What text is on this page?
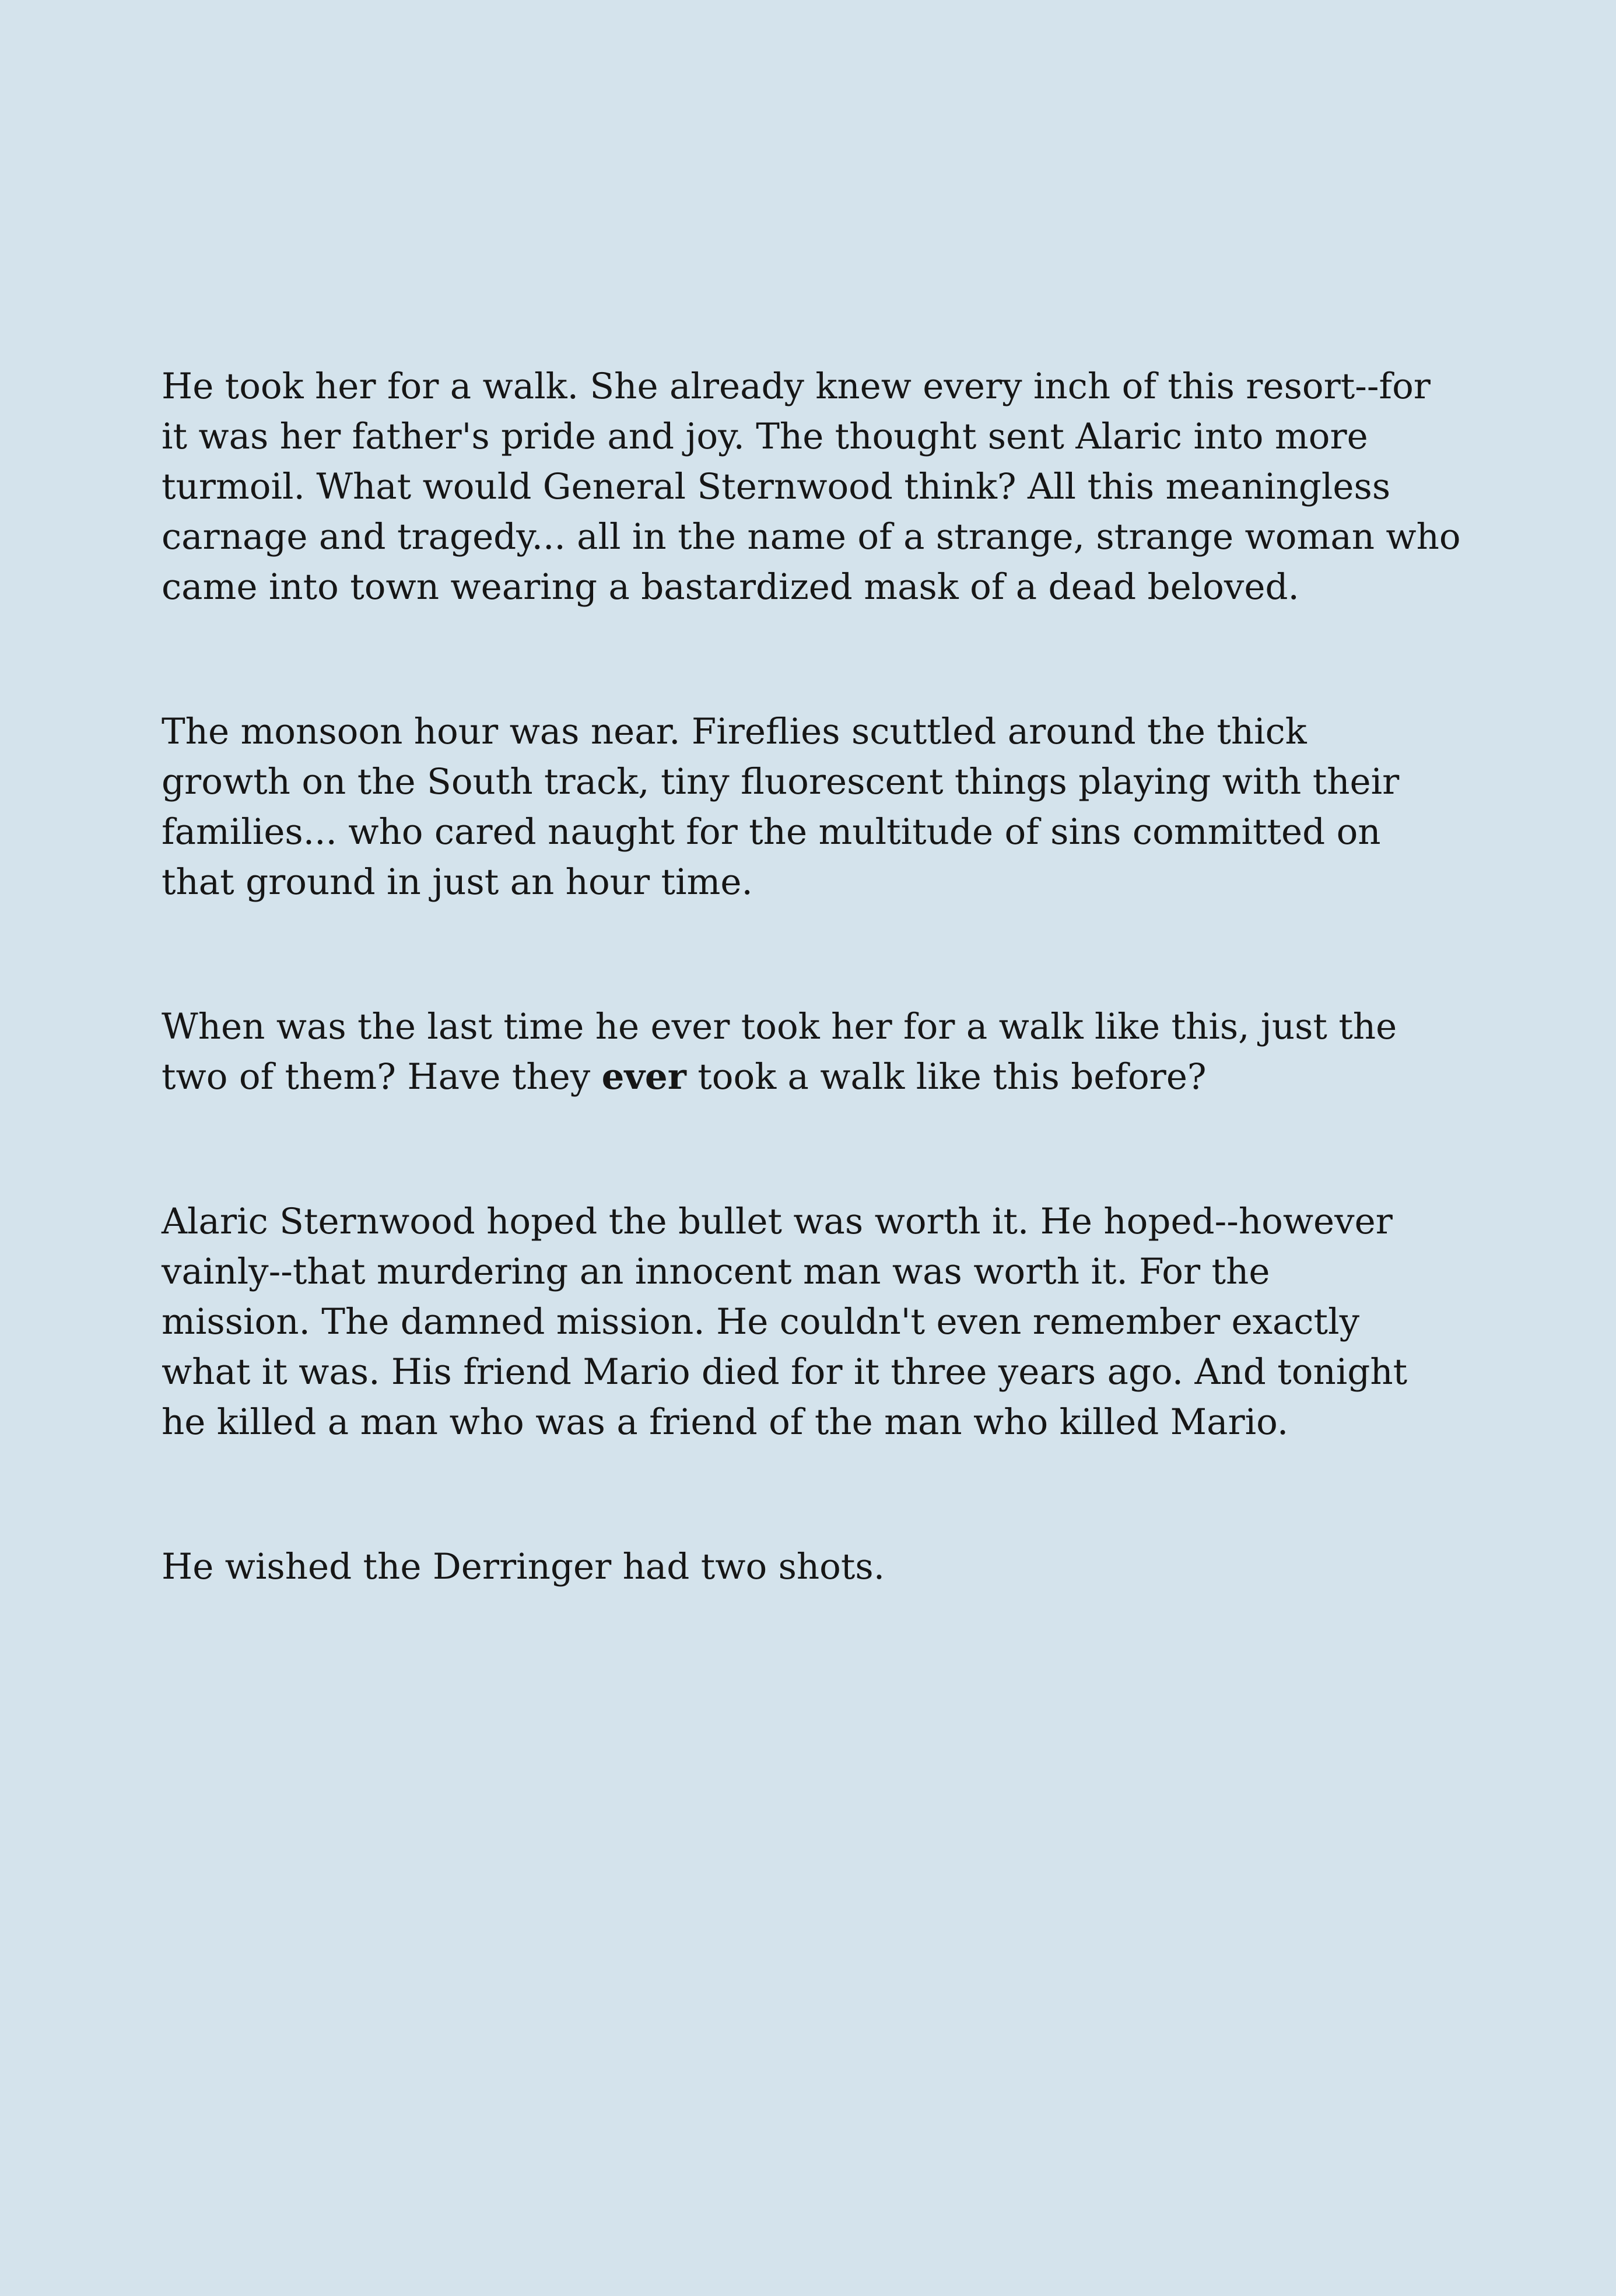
He took her for a walk. She already knew every inch of this resort--for
it was her father's pride and joy. The thought sent Alaric into more
turmoil. What would General Sternwood think? All this meaningless
carnage and tragedy... all in the name of a strange, strange woman who
came into town wearing a bastardized mask of a dead beloved.

The monsoon hour was near. Fireflies scuttled around the thick
growth on the South track, tiny fluorescent things playing with their
families... who cared naught for the multitude of sins committed on
that ground in just an hour time.

When was the last time he ever took her for a walk like this, just the
two of them? Have they ever took a walk like this before?

Alaric Sternwood hoped the bullet was worth it. He hoped--however
vainly--that murdering an innocent man was worth it. For the
mission. The damned mission. He couldn't even remember exactly
what it was. His friend Mario died for it three years ago. And tonight
he killed a man who was a friend of the man who killed Mario.

He wished the Derringer had two shots.
